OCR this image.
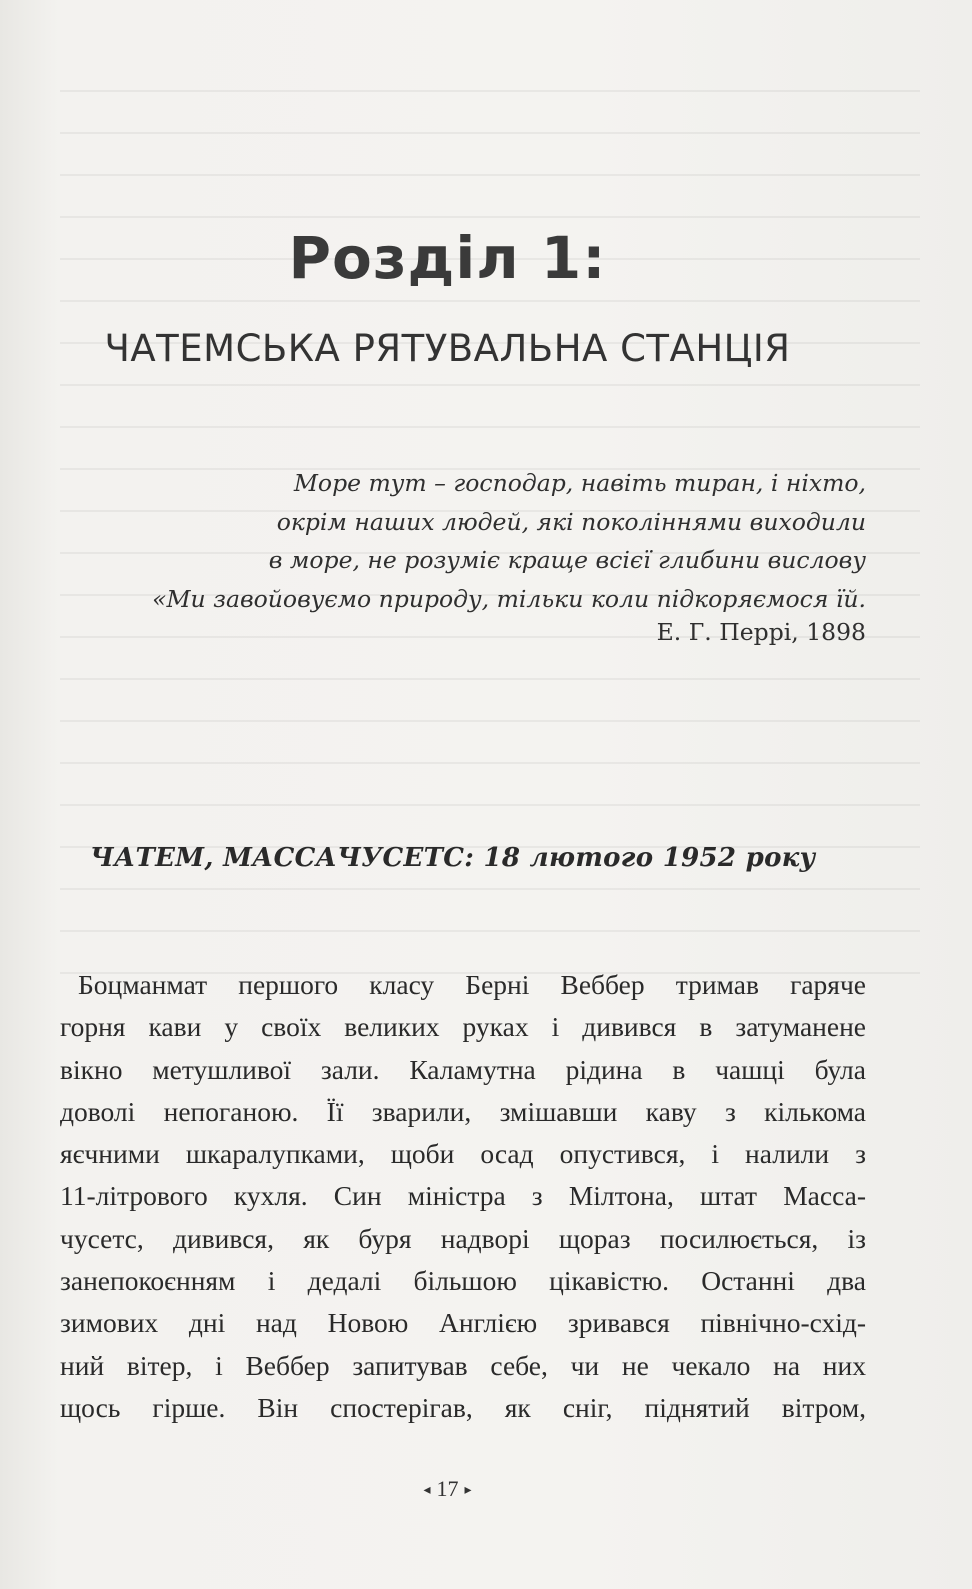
Розділ 1:
ЧАТЕМСЬКА РЯТУВАЛЬНА СТАНЦІЯ
Море тут – господар, навіть тиран, і ніхто,
окрім наших людей, які поколіннями виходили
в море, не розуміє краще всієї глибини вислову
«Ми завойовуємо природу, тільки коли підкоряємося їй.
Е. Г. Перрі, 1898
ЧАТЕМ, МАССАЧУСЕТС: 18 лютого 1952 року
Боцманмат першого класу Берні Веббер тримав гаряче
горня кави у своїх великих руках і дивився в затуманене
вікно метушливої зали. Каламутна рідина в чашці була
доволі непоганою. Її зварили, змішавши каву з кількома
яєчними шкаралупками, щоби осад опустився, і налили з
11-літрового кухля. Син міністра з Мілтона, штат Масса-
чусетс, дивився, як буря надворі щораз посилюється, із
занепокоєнням і дедалі більшою цікавістю. Останні два
зимових дні над Новою Англією зривався північно-схід-
ний вітер, і Веббер запитував себе, чи не чекало на них
щось гірше. Він спостерігав, як сніг, піднятий вітром,
◂ 17 ▸
